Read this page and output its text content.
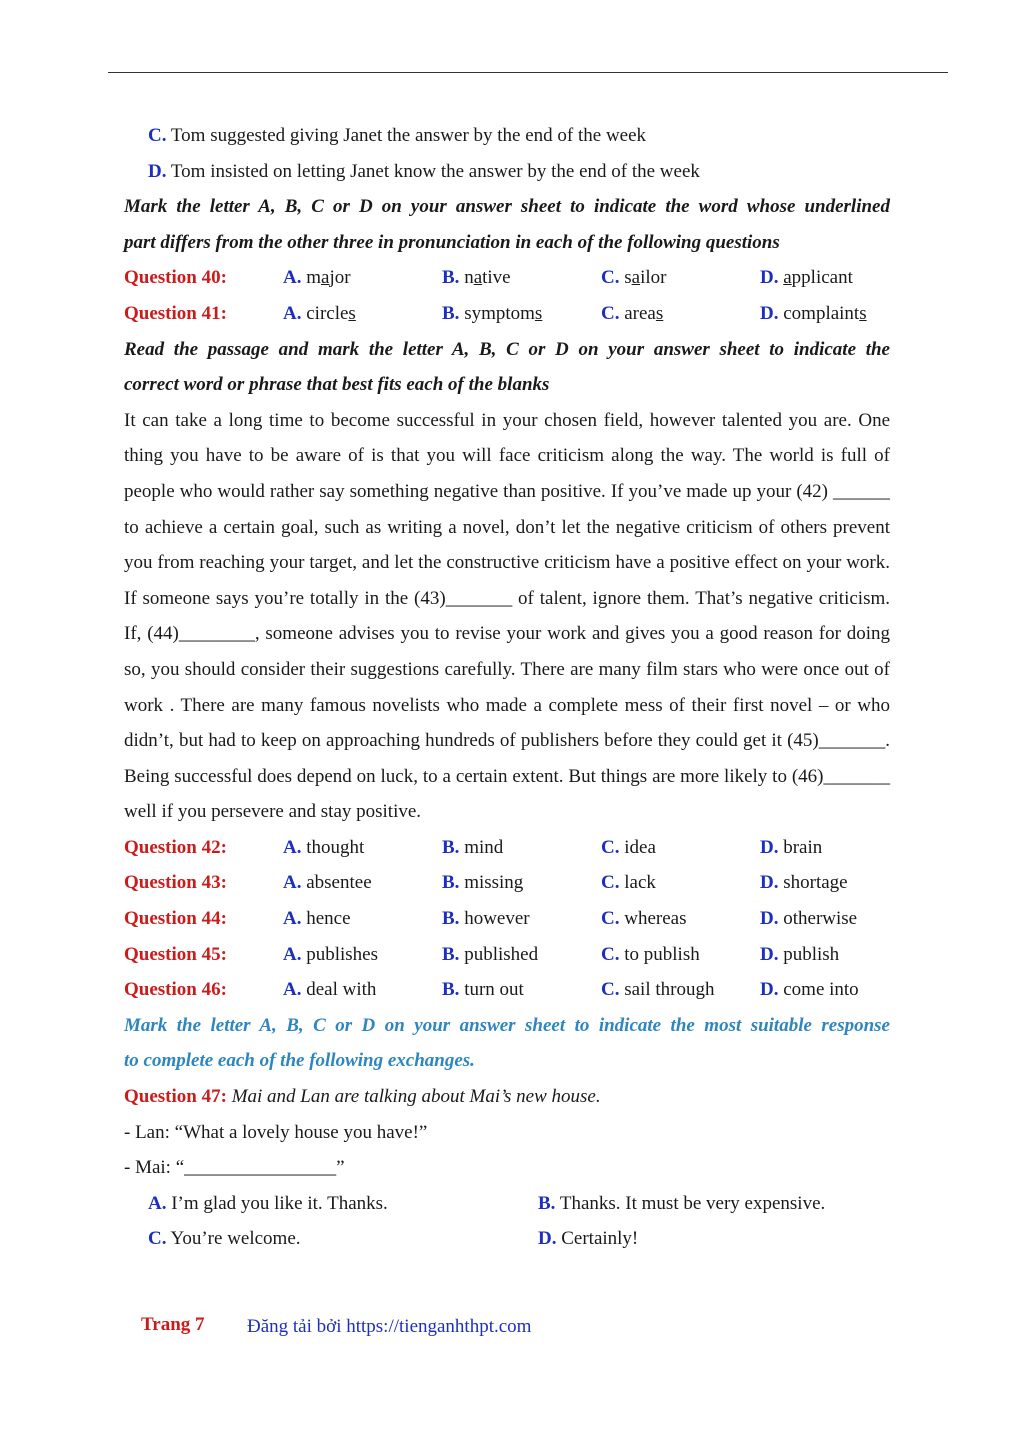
C. Tom suggested giving Janet the answer by the end of the week
D. Tom insisted on letting Janet know the answer by the end of the week
Mark the letter A, B, C or D on your answer sheet to indicate the word whose underlined
part differs from the other three in pronunciation in each of the following questions
Question 40:	A. major	B. native	C. sailor	D. applicant
Question 41:	A. circles	B. symptoms	C. areas	D. complaints
Read the passage and mark the letter A, B, C or D on your answer sheet to indicate the
correct word or phrase that best fits each of the blanks
It can take a long time to become successful in your chosen field, however talented you are. One thing you have to be aware of is that you will face criticism along the way. The world is full of people who would rather say something negative than positive. If you’ve made up your (42) ______ to achieve a certain goal, such as writing a novel, don’t let the negative criticism of others prevent you from reaching your target, and let the constructive criticism have a positive effect on your work. If someone says you’re totally in the (43)_______ of talent, ignore them. That’s negative criticism. If, (44)________, someone advises you to revise your work and gives you a good reason for doing so, you should consider their suggestions carefully. There are many film stars who were once out of work . There are many famous novelists who made a complete mess of their first novel – or who didn’t, but had to keep on approaching hundreds of publishers before they could get it (45)_______. Being successful does depend on luck, to a certain extent. But things are more likely to (46)_______ well if you persevere and stay positive.
Question 42:	A. thought	B. mind	C. idea	D. brain
Question 43:	A. absentee	B. missing	C. lack	D. shortage
Question 44:	A. hence	B. however	C. whereas	D. otherwise
Question 45:	A. publishes	B. published	C. to publish	D. publish
Question 46:	A. deal with	B. turn out	C. sail through D. come into
Mark the letter A, B, C or D on your answer sheet to indicate the most suitable response
to complete each of the following exchanges.
Question 47: Mai and Lan are talking about Mai’s new house.
- Lan: “What a lovely house you have!”
- Mai: “________________”
A. I’m glad you like it. Thanks.	B. Thanks. It must be very expensive.
C. You’re welcome.	D. Certainly!
Trang 7 Đăng tải bởi https://tienganhthpt.com
